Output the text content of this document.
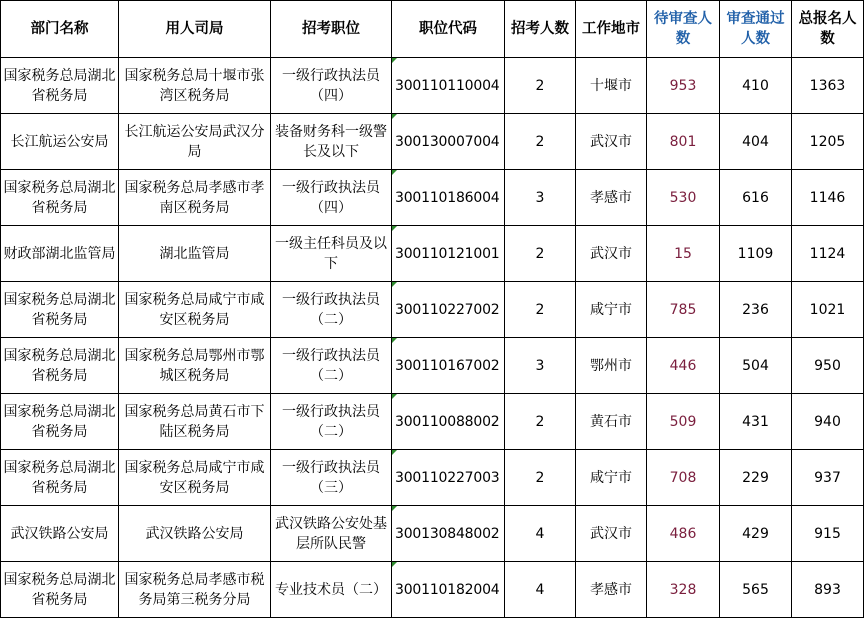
部门名称	用人司局	招考职位	职位代码	招考人数	工作地市	待审查人数	审查通过人数	总报名人数
国家税务总局湖北省税务局	国家税务总局十堰市张湾区税务局	一级行政执法员（四）	300110110004	2	十堰市	953	410	1363
长江航运公安局	长江航运公安局武汉分局	装备财务科一级警长及以下	300130007004	2	武汉市	801	404	1205
国家税务总局湖北省税务局	国家税务总局孝感市孝南区税务局	一级行政执法员（四）	300110186004	3	孝感市	530	616	1146
财政部湖北监管局	湖北监管局	一级主任科员及以下	300110121001	2	武汉市	15	1109	1124
国家税务总局湖北省税务局	国家税务总局咸宁市咸安区税务局	一级行政执法员（二）	300110227002	2	咸宁市	785	236	1021
国家税务总局湖北省税务局	国家税务总局鄂州市鄂城区税务局	一级行政执法员（二）	300110167002	3	鄂州市	446	504	950
国家税务总局湖北省税务局	国家税务总局黄石市下陆区税务局	一级行政执法员（二）	300110088002	2	黄石市	509	431	940
国家税务总局湖北省税务局	国家税务总局咸宁市咸安区税务局	一级行政执法员（三）	300110227003	2	咸宁市	708	229	937
武汉铁路公安局	武汉铁路公安局	武汉铁路公安处基层所队民警	300130848002	4	武汉市	486	429	915
国家税务总局湖北省税务局	国家税务总局孝感市税务局第三税务分局	专业技术员（二）	300110182004	4	孝感市	328	565	893
